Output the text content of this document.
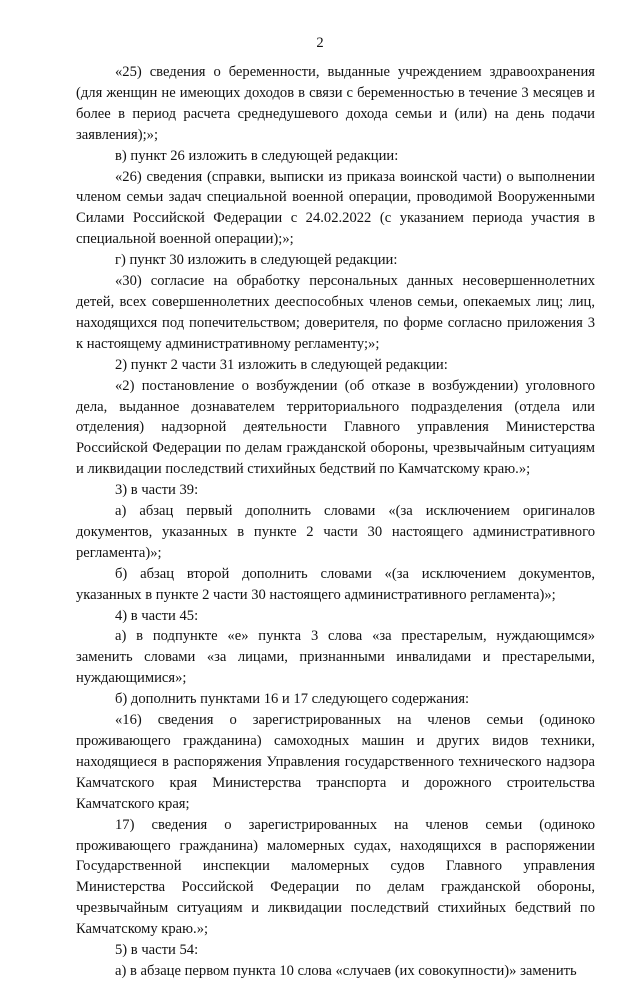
2

«25) сведения о беременности, выданные учреждением здравоохранения (для женщин не имеющих доходов в связи с беременностью в течение 3 месяцев и более в период расчета среднедушевого дохода семьи и (или) на день подачи заявления);»;

в) пункт 26 изложить в следующей редакции:

«26) сведения (справки, выписки из приказа воинской части) о выполнении членом семьи задач специальной военной операции, проводимой Вооруженными Силами Российской Федерации с 24.02.2022 (с указанием периода участия в специальной военной операции);»;

г) пункт 30 изложить в следующей редакции:

«30) согласие на обработку персональных данных несовершеннолетних детей, всех совершеннолетних дееспособных членов семьи, опекаемых лиц; лиц, находящихся под попечительством; доверителя, по форме согласно приложения 3 к настоящему административному регламенту;»;

2) пункт 2 части 31 изложить в следующей редакции:

«2) постановление о возбуждении (об отказе в возбуждении) уголовного дела, выданное дознавателем территориального подразделения (отдела или отделения) надзорной деятельности Главного управления Министерства Российской Федерации по делам гражданской обороны, чрезвычайным ситуациям и ликвидации последствий стихийных бедствий по Камчатскому краю.»;

3) в части 39:

а) абзац первый дополнить словами «(за исключением оригиналов документов, указанных в пункте 2 части 30 настоящего административного регламента)»;

б) абзац второй дополнить словами «(за исключением документов, указанных в пункте 2 части 30 настоящего административного регламента)»;

4) в части 45:

а) в подпункте «е» пункта 3 слова «за престарелым, нуждающимся» заменить словами «за лицами, признанными инвалидами и престарелыми, нуждающимися»;

б) дополнить пунктами 16 и 17 следующего содержания:

«16) сведения о зарегистрированных на членов семьи (одиноко проживающего гражданина) самоходных машин и других видов техники, находящиеся в распоряжения Управления государственного технического надзора Камчатского края Министерства транспорта и дорожного строительства Камчатского края;

17) сведения о зарегистрированных на членов семьи (одиноко проживающего гражданина) маломерных судах, находящихся в распоряжении Государственной инспекции маломерных судов Главного управления Министерства Российской Федерации по делам гражданской обороны, чрезвычайным ситуациям и ликвидации последствий стихийных бедствий по Камчатскому краю.»;

5) в части 54:

а) в абзаце первом пункта 10 слова «случаев (их совокупности)» заменить
